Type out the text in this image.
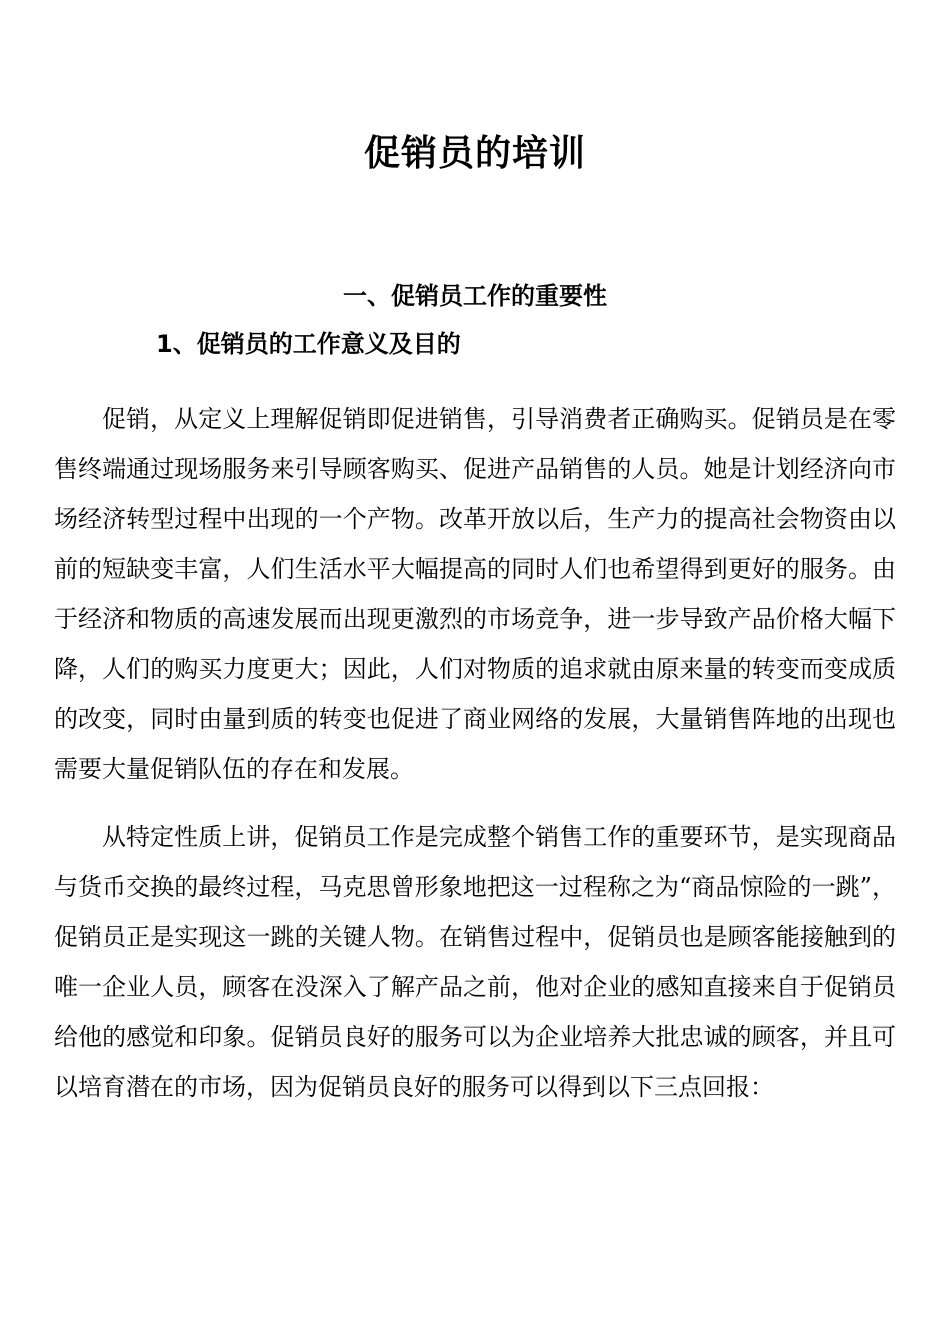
促销员的培训
一、促销员工作的重要性
1、促销员的工作意义及目的

促销，从定义上理解促销即促进销售，引导消费者正确购买。促销员是在零售终端通过现场服务来引导顾客购买、促进产品销售的人员。她是计划经济向市场经济转型过程中出现的一个产物。改革开放以后，生产力的提高社会物资由以前的短缺变丰富，人们生活水平大幅提高的同时人们也希望得到更好的服务。由于经济和物质的高速发展而出现更激烈的市场竞争，进一步导致产品价格大幅下降，人们的购买力度更大；因此，人们对物质的追求就由原来量的转变而变成质的改变，同时由量到质的转变也促进了商业网络的发展，大量销售阵地的出现也需要大量促销队伍的存在和发展。

从特定性质上讲，促销员工作是完成整个销售工作的重要环节，是实现商品与货币交换的最终过程，马克思曾形象地把这一过程称之为“商品惊险的一跳”，促销员正是实现这一跳的关键人物。在销售过程中，促销员也是顾客能接触到的唯一企业人员，顾客在没深入了解产品之前，他对企业的感知直接来自于促销员给他的感觉和印象。促销员良好的服务可以为企业培养大批忠诚的顾客，并且可以培育潜在的市场，因为促销员良好的服务可以得到以下三点回报：
